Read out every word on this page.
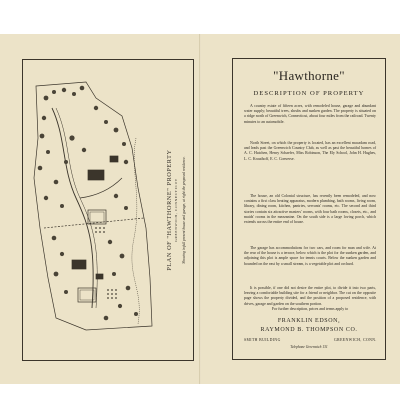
PLAN OF "HAWTHORNE" PROPERTY GREENWICH, CONNECTICUT Showing in full present house and garage, at right the proposed residence.
"Hawthorne"
DESCRIPTION OF PROPERTY
A country estate of fifteen acres, with remodeled house, garage and abundant water supply; beautiful trees, shrubs and sunken garden. The property is situated on a ridge north of Greenwich, Connecticut, about four miles from the railroad. Twenty minutes to an automobile.
North Street, on which the property is located, has an excellent macadam road, and leads past the Greenwich Country Club, as well as past the beautiful homes of A. C. Hutchen, Henry Schaefer, Miss Robinson, The Ely School, John H. Hughes, L. C. Krauthoff, E. C. Converse.
The house, an old Colonial structure, has recently been remodeled, and now contains a first class heating apparatus, modern plumbing, bath rooms, living room, library, dining room, kitchen, pantries, servants' rooms, etc. The second and third stories contain six attractive masters' rooms, with four bath rooms, closets, etc., and maids' rooms in the mezzanine. On the south side is a large loving porch, which extends across the entire end of house.
The garage has accommodations for two cars, and room for man and wife. At the rear of the house is a terrace, below which is the plot for the sunken garden, and adjoining this plot is ample space for tennis courts. Below the sunken garden and bounded on the east by a small stream, is a vegetable plot and orchard.
It is possible, if one did not desire the entire plot, to divide it into two parts, leaving a comfortable building site for a friend or neighbor. The cut on the opposite page shows the property divided, and the position of a proposed residence, with drives, garage and garden on the southern portion.
For further description, prices and terms apply to
FRANKLIN EDSON,
RAYMOND B. THOMPSON CO.
SMITH BUILDING	GREENWICH, CONN.
Telephone Greenwich 131
